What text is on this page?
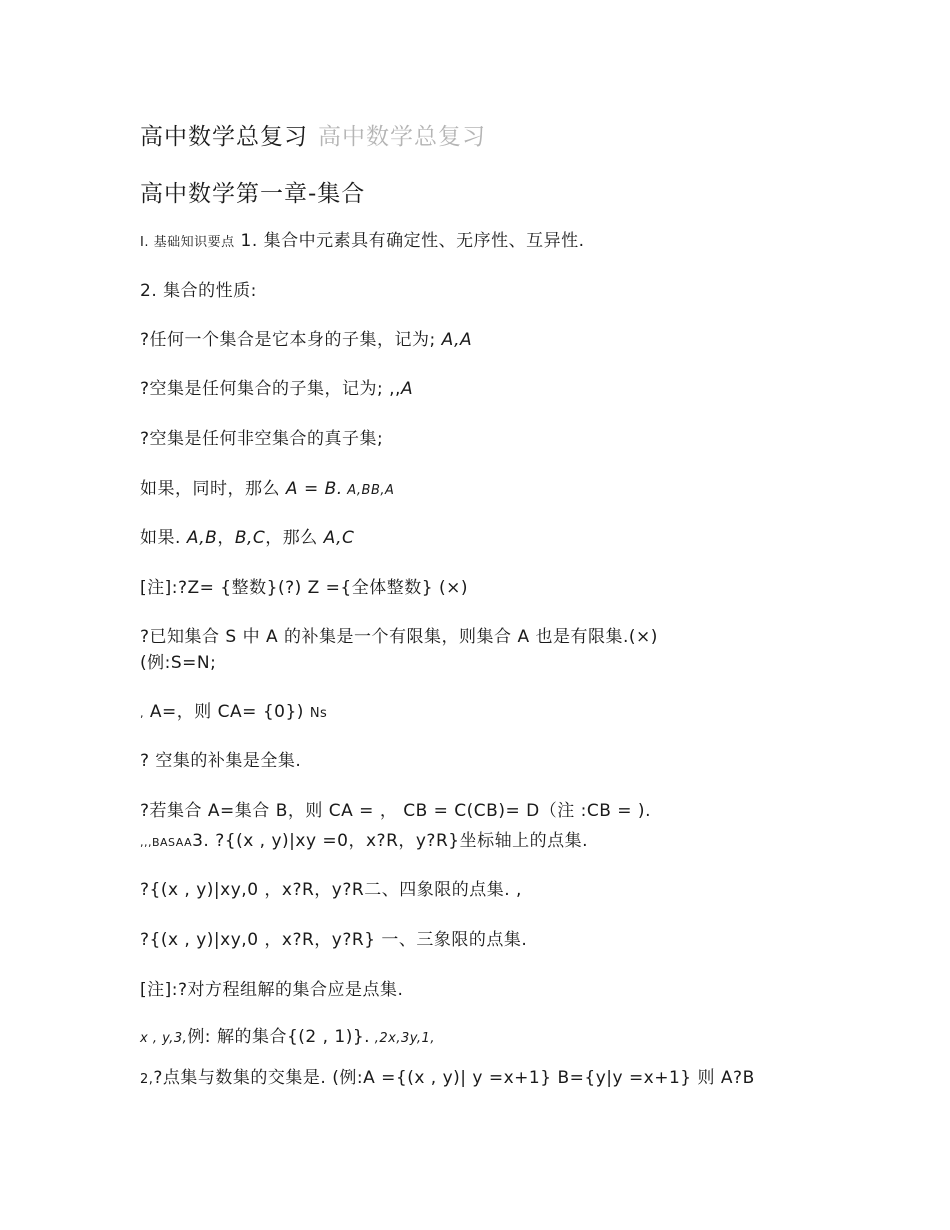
高中数学总复习 高中数学总复习
高中数学第一章-集合
I. 基础知识要点 1. 集合中元素具有确定性、无序性、互异性.
2. 集合的性质:
?任何一个集合是它本身的子集，记为; A,A
?空集是任何集合的子集，记为; ,,A
?空集是任何非空集合的真子集;
如果，同时，那么 A = B. A,BB,A
如果. A,B，B,C，那么 A,C
[注]:?Z= {整数}(?) Z ={全体整数} (×)
?已知集合 S 中 A 的补集是一个有限集，则集合 A 也是有限集.(×)
(例:S=N;
, A=，则 CA= {0}) Ns
? 空集的补集是全集.
?若集合 A=集合 B，则 CA = ， CB = C(CB)= D（注 :CB = ).
,,,BASAA3. ?{(x , y)|xy =0，x?R，y?R}坐标轴上的点集.
?{(x , y)|xy,0 ，x?R，y?R二、四象限的点集. ,
?{(x , y)|xy,0 ，x?R，y?R} 一、三象限的点集.
[注]:?对方程组解的集合应是点集.
x , y,3,例: 解的集合{(2 , 1)}. ,2x,3y,1,
2,?点集与数集的交集是. (例:A ={(x , y)| y =x+1} B={y|y =x+1} 则 A?B
